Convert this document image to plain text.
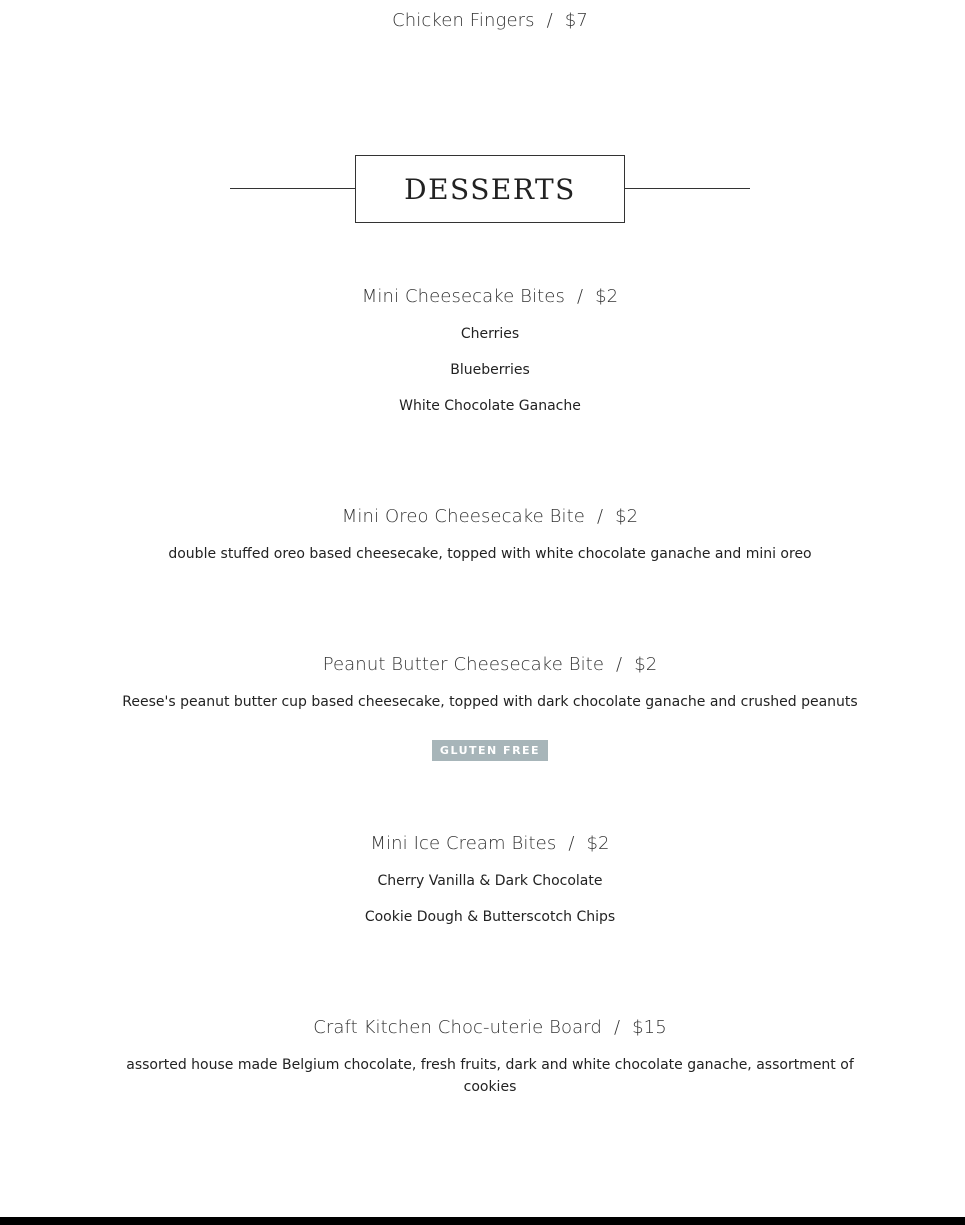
Chicken Fingers / $7
DESSERTS
Mini Cheesecake Bites / $2
Cherries
Blueberries
White Chocolate Ganache
Mini Oreo Cheesecake Bite / $2
double stuffed oreo based cheesecake, topped with white chocolate ganache and mini oreo
Peanut Butter Cheesecake Bite / $2
Reese's peanut butter cup based cheesecake, topped with dark chocolate ganache and crushed peanuts
GLUTEN FREE
Mini Ice Cream Bites / $2
Cherry Vanilla & Dark Chocolate
Cookie Dough & Butterscotch Chips
Craft Kitchen Choc-uterie Board / $15
assorted house made Belgium chocolate, fresh fruits, dark and white chocolate ganache, assortment of
cookies
